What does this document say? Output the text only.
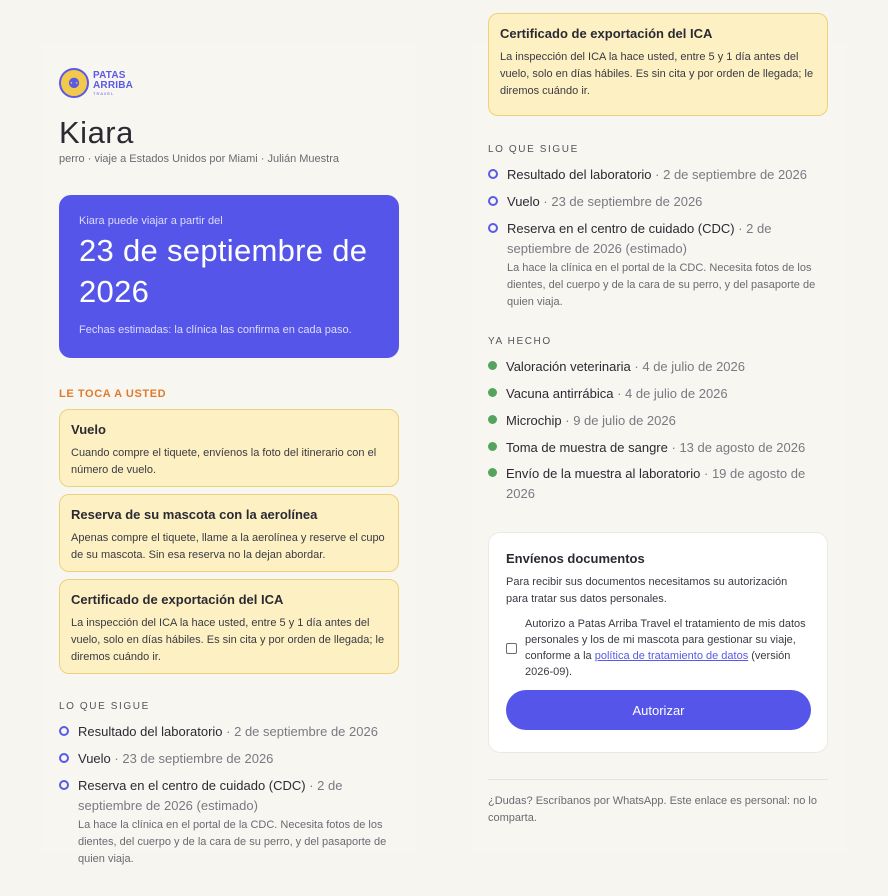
⚉	PATAS ARRIBA
TRAVEL
Kiara
perro · viaje a Estados Unidos por Miami · Julián Muestra
Kiara puede viajar a partir del
23 de septiembre de 2026
Fechas estimadas: la clínica las confirma en cada paso.
LE TOCA A USTED
Vuelo
Cuando compre el tiquete, envíenos la foto del itinerario con el número de vuelo.
Reserva de su mascota con la aerolínea
Apenas compre el tiquete, llame a la aerolínea y reserve el cupo de su mascota. Sin esa reserva no la dejan abordar.
Certificado de exportación del ICA
La inspección del ICA la hace usted, entre 5 y 1 día antes del vuelo, solo en días hábiles. Es sin cita y por orden de llegada; le diremos cuándo ir.
LO QUE SIGUE
Resultado del laboratorio · 2 de septiembre de 2026
Vuelo · 23 de septiembre de 2026
Reserva en el centro de cuidado (CDC) · 2 de septiembre de 2026 (estimado)
La hace la clínica en el portal de la CDC. Necesita fotos de los dientes, del cuerpo y de la cara de su perro, y del pasaporte de quien viaja.
Certificado de exportación del ICA
La inspección del ICA la hace usted, entre 5 y 1 día antes del vuelo, solo en días hábiles. Es sin cita y por orden de llegada; le diremos cuándo ir.
LO QUE SIGUE
Resultado del laboratorio · 2 de septiembre de 2026
Vuelo · 23 de septiembre de 2026
Reserva en el centro de cuidado (CDC) · 2 de septiembre de 2026 (estimado)
La hace la clínica en el portal de la CDC. Necesita fotos de los dientes, del cuerpo y de la cara de su perro, y del pasaporte de quien viaja.
YA HECHO
Valoración veterinaria · 4 de julio de 2026
Vacuna antirrábica · 4 de julio de 2026
Microchip · 9 de julio de 2026
Toma de muestra de sangre · 13 de agosto de 2026
Envío de la muestra al laboratorio · 19 de agosto de 2026
Envíenos documentos
Para recibir sus documentos necesitamos su autorización para tratar sus datos personales.
Autorizo a Patas Arriba Travel el tratamiento de mis datos personales y los de mi mascota para gestionar su viaje, conforme a la política de tratamiento de datos (versión 2026-09).
Autorizar
¿Dudas? Escríbanos por WhatsApp. Este enlace es personal: no lo comparta.
